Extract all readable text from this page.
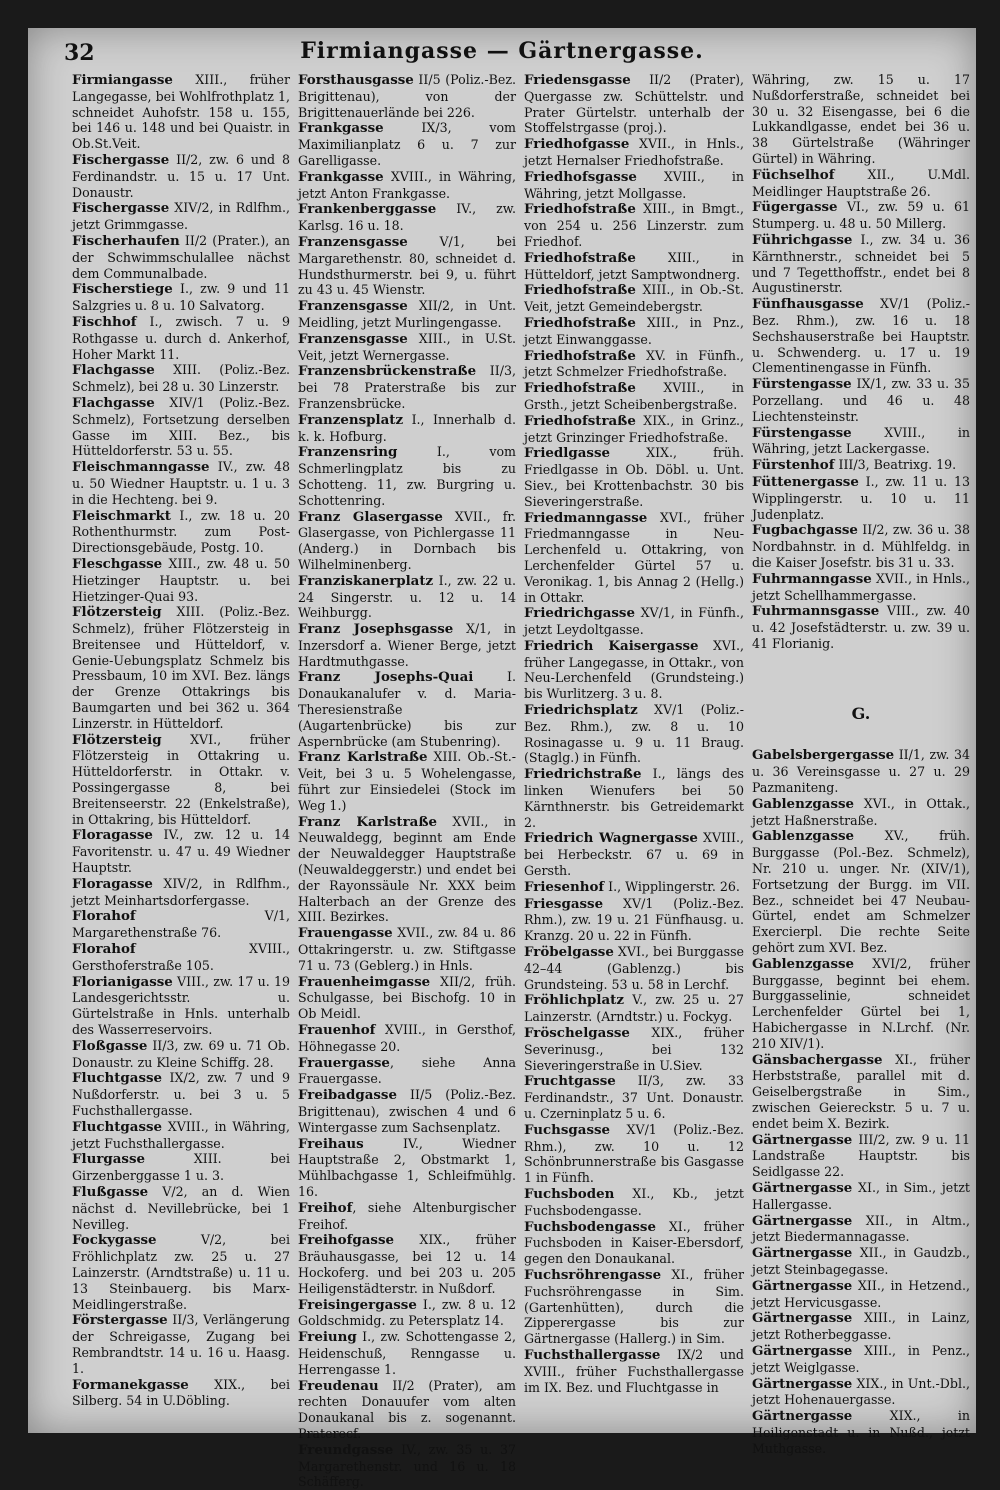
32	Firmiangasse — Gärtnergasse.
Firmiangasse XIII., früher Langegasse, bei Wohlfrothplatz 1, schneidet Auhofstr. 158 u. 155, bei 146 u. 148 und bei Quaistr. in Ob.St.Veit.
Fischergasse II/2, zw. 6 und 8 Ferdinandstr. u. 15 u. 17 Unt. Donaustr.
Fischergasse XIV/2, in Rdlfhm., jetzt Grimmgasse.
Fischerhaufen II/2 (Prater.), an der Schwimmschulallee nächst dem Communalbade.
Fischerstiege I., zw. 9 und 11 Salzgries u. 8 u. 10 Salvatorg.
Fischhof I., zwisch. 7 u. 9 Rothgasse u. durch d. Ankerhof, Hoher Markt 11.
Flachgasse XIII. (Poliz.-Bez. Schmelz), bei 28 u. 30 Linzerstr.
Flachgasse XIV/1 (Poliz.-Bez. Schmelz), Fortsetzung derselben Gasse im XIII. Bez., bis Hütteldorferstr. 53 u. 55.
Fleischmanngasse IV., zw. 48 u. 50 Wiedner Hauptstr. u. 1 u. 3 in die Hechteng. bei 9.
Fleischmarkt I., zw. 18 u. 20 Rothenthurmstr. zum Post-Directionsgebäude, Postg. 10.
Fleschgasse XIII., zw. 48 u. 50 Hietzinger Hauptstr. u. bei Hietzinger-Quai 93.
Flötzersteig XIII. (Poliz.-Bez. Schmelz), früher Flötzersteig in Breitensee und Hütteldorf, v. Genie-Uebungsplatz Schmelz bis Pressbaum, 10 im XVI. Bez. längs der Grenze Ottakrings bis Baumgarten und bei 362 u. 364 Linzerstr. in Hütteldorf.
Flötzersteig XVI., früher Flötzersteig in Ottakring u. Hütteldorferstr. in Ottakr. v. Possingergasse 8, bei Breitenseerstr. 22 (Enkelstraße), in Ottakring, bis Hütteldorf.
Floragasse IV., zw. 12 u. 14 Favoritenstr. u. 47 u. 49 Wiedner Hauptstr.
Floragasse XIV/2, in Rdlfhm., jetzt Meinhartsdorfergasse.
Florahof V/1, Margarethenstraße 76.
Florahof XVIII., Gersthoferstraße 105.
Florianigasse VIII., zw. 17 u. 19 Landesgerichtsstr. u. Gürtelstraße in Hnls. unterhalb des Wasserreservoirs.
Floßgasse II/3, zw. 69 u. 71 Ob. Donaustr. zu Kleine Schiffg. 28.
Fluchtgasse IX/2, zw. 7 und 9 Nußdorferstr. u. bei 3 u. 5 Fuchsthallergasse.
Fluchtgasse XVIII., in Währing, jetzt Fuchsthallergasse.
Flurgasse XIII. bei Girzenberggasse 1 u. 3.
Flußgasse V/2, an d. Wien nächst d. Nevillebrücke, bei 1 Nevilleg.
Fockygasse V/2, bei Fröhlichplatz zw. 25 u. 27 Lainzerstr. (Arndtstraße) u. 11 u. 13 Steinbauerg. bis Marx-Meidlingerstraße.
Förstergasse II/3, Verlängerung der Schreigasse, Zugang bei Rembrandtstr. 14 u. 16 u. Haasg. 1.
Formanekgasse XIX., bei Silberg. 54 in U.Döbling.
Forsthausgasse II/5 (Poliz.-Bez. Brigittenau), von der Brigittenauerlände bei 226.
Frankgasse IX/3, vom Maximilianplatz 6 u. 7 zur Garelligasse.
Frankgasse XVIII., in Währing, jetzt Anton Frankgasse.
Frankenberggasse IV., zw. Karlsg. 16 u. 18.
Franzensgasse V/1, bei Margarethenstr. 80, schneidet d. Hundsthurmerstr. bei 9, u. führt zu 43 u. 45 Wienstr.
Franzensgasse XII/2, in Unt. Meidling, jetzt Murlingengasse.
Franzensgasse XIII., in U.St. Veit, jetzt Wernergasse.
Franzensbrückenstraße II/3, bei 78 Praterstraße bis zur Franzensbrücke.
Franzensplatz I., Innerhalb d. k. k. Hofburg.
Franzensring I., vom Schmerlingplatz bis zu Schotteng. 11, zw. Burgring u. Schottenring.
Franz Glasergasse XVII., fr. Glasergasse, von Pichlergasse 11 (Anderg.) in Dornbach bis Wilhelminenberg.
Franziskanerplatz I., zw. 22 u. 24 Singerstr. u. 12 u. 14 Weihburgg.
Franz Josephsgasse X/1, in Inzersdorf a. Wiener Berge, jetzt Hardtmuthgasse.
Franz Josephs-Quai I. Donaukanalufer v. d. Maria-Theresienstraße (Augartenbrücke) bis zur Aspernbrücke (am Stubenring).
Franz Karlstraße XIII. Ob.-St.-Veit, bei 3 u. 5 Wohelengasse, führt zur Einsiedelei (Stock im Weg 1.)
Franz Karlstraße XVII., in Neuwaldegg, beginnt am Ende der Neuwaldegger Hauptstraße (Neuwaldeggerstr.) und endet bei der Rayonssäule Nr. XXX beim Halterbach an der Grenze des XIII. Bezirkes.
Frauengasse XVII., zw. 84 u. 86 Ottakringerstr. u. zw. Stiftgasse 71 u. 73 (Geblerg.) in Hnls.
Frauenheimgasse XII/2, früh. Schulgasse, bei Bischofg. 10 in Ob Meidl.
Frauenhof XVIII., in Gersthof, Höhnegasse 20.
Frauergasse, siehe Anna Frauergasse.
Freibadgasse II/5 (Poliz.-Bez. Brigittenau), zwischen 4 und 6 Wintergasse zum Sachsenplatz.
Freihaus IV., Wiedner Hauptstraße 2, Obstmarkt 1, Mühlbachgasse 1, Schleifmühlg. 16.
Freihof, siehe Altenburgischer Freihof.
Freihofgasse XIX., früher Bräuhausgasse, bei 12 u. 14 Hockoferg. und bei 203 u. 205 Heiligenstädterstr. in Nußdorf.
Freisingergasse I., zw. 8 u. 12 Goldschmidg. zu Petersplatz 14.
Freiung I., zw. Schottengasse 2, Heidenschuß, Renngasse u. Herrengasse 1.
Freudenau II/2 (Prater), am rechten Donauufer vom alten Donaukanal bis z. sogenannt. Praterecf.
Freundgasse IV., zw. 35 u. 37 Margarethenstr. und 16 u. 18 Schäfferg.
Friedensgasse II/2 (Prater), Quergasse zw. Schüttelstr. und Prater Gürtelstr. unterhalb der Stoffelstrgasse (proj.).
Friedhofgasse XVII., in Hnls., jetzt Hernalser Friedhofstraße.
Friedhofsgasse XVIII., in Währing, jetzt Mollgasse.
Friedhofstraße XIII., in Bmgt., von 254 u. 256 Linzerstr. zum Friedhof.
Friedhofstraße XIII., in Hütteldorf, jetzt Samptwondnerg.
Friedhofstraße XIII., in Ob.-St. Veit, jetzt Gemeindebergstr.
Friedhofstraße XIII., in Pnz., jetzt Einwanggasse.
Friedhofstraße XV. in Fünfh., jetzt Schmelzer Friedhofstraße.
Friedhofstraße XVIII., in Grsth., jetzt Scheibenbergstraße.
Friedhofstraße XIX., in Grinz., jetzt Grinzinger Friedhofstraße.
Friedlgasse XIX., früh. Friedlgasse in Ob. Döbl. u. Unt. Siev., bei Krottenbachstr. 30 bis Sieveringerstraße.
Friedmanngasse XVI., früher Friedmanngasse in Neu-Lerchenfeld u. Ottakring, von Lerchenfelder Gürtel 57 u. Veronikag. 1, bis Annag 2 (Hellg.) in Ottakr.
Friedrichgasse XV/1, in Fünfh., jetzt Leydoltgasse.
Friedrich Kaisergasse XVI., früher Langegasse, in Ottakr., von Neu-Lerchenfeld (Grundsteing.) bis Wurlitzerg. 3 u. 8.
Friedrichsplatz XV/1 (Poliz.-Bez. Rhm.), zw. 8 u. 10 Rosinagasse u. 9 u. 11 Braug. (Staglg.) in Fünfh.
Friedrichstraße I., längs des linken Wienufers bei 50 Kärnthnerstr. bis Getreidemarkt 2.
Friedrich Wagnergasse XVIII., bei Herbeckstr. 67 u. 69 in Gersth.
Friesenhof I., Wipplingerstr. 26.
Friesgasse XV/1 (Poliz.-Bez. Rhm.), zw. 19 u. 21 Fünfhausg. u. Kranzg. 20 u. 22 in Fünfh.
Fröbelgasse XVI., bei Burggasse 42–44 (Gablenzg.) bis Grundsteing. 53 u. 58 in Lerchf.
Fröhlichplatz V., zw. 25 u. 27 Lainzerstr. (Arndtstr.) u. Fockyg.
Fröschelgasse XIX., früher Severinusg., bei 132 Sieveringerstraße in U.Siev.
Fruchtgasse II/3, zw. 33 Ferdinandstr., 37 Unt. Donaustr. u. Czerninplatz 5 u. 6.
Fuchsgasse XV/1 (Poliz.-Bez. Rhm.), zw. 10 u. 12 Schönbrunnerstraße bis Gasgasse 1 in Fünfh.
Fuchsboden XI., Kb., jetzt Fuchsbodengasse.
Fuchsbodengasse XI., früher Fuchsboden in Kaiser-Ebersdorf, gegen den Donaukanal.
Fuchsröhrengasse XI., früher Fuchsröhrengasse in Sim. (Gartenhütten), durch die Zipperergasse bis zur Gärtnergasse (Hallerg.) in Sim.
Fuchsthallergasse IX/2 und XVIII., früher Fuchsthallergasse im IX. Bez. und Fluchtgasse in
Währing, zw. 15 u. 17 Nußdorferstraße, schneidet bei 30 u. 32 Eisengasse, bei 6 die Lukkandlgasse, endet bei 36 u. 38 Gürtelstraße (Währinger Gürtel) in Währing.
Füchselhof XII., U.Mdl. Meidlinger Hauptstraße 26.
Fügergasse VI., zw. 59 u. 61 Stumperg. u. 48 u. 50 Millerg.
Führichgasse I., zw. 34 u. 36 Kärnthnerstr., schneidet bei 5 und 7 Tegetthoffstr., endet bei 8 Augustinerstr.
Fünfhausgasse XV/1 (Poliz.-Bez. Rhm.), zw. 16 u. 18 Sechshauserstraße bei Hauptstr. u. Schwenderg. u. 17 u. 19 Clementinengasse in Fünfh.
Fürstengasse IX/1, zw. 33 u. 35 Porzellang. und 46 u. 48 Liechtensteinstr.
Fürstengasse XVIII., in Währing, jetzt Lackergasse.
Fürstenhof III/3, Beatrixg. 19.
Füttenergasse I., zw. 11 u. 13 Wipplingerstr. u. 10 u. 11 Judenplatz.
Fugbachgasse II/2, zw. 36 u. 38 Nordbahnstr. in d. Mühlfeldg. in die Kaiser Josefstr. bis 31 u. 33.
Fuhrmanngasse XVII., in Hnls., jetzt Schellhammergasse.
Fuhrmannsgasse VIII., zw. 40 u. 42 Josefstädterstr. u. zw. 39 u. 41 Florianig.
G.
Gabelsbergergasse II/1, zw. 34 u. 36 Vereinsgasse u. 27 u. 29 Pazmaniteng.
Gablenzgasse XVI., in Ottak., jetzt Haßnerstraße.
Gablenzgasse XV., früh. Burggasse (Pol.-Bez. Schmelz), Nr. 210 u. unger. Nr. (XIV/1), Fortsetzung der Burgg. im VII. Bez., schneidet bei 47 Neubau-Gürtel, endet am Schmelzer Exercierpl. Die rechte Seite gehört zum XVI. Bez.
Gablenzgasse XVI/2, früher Burggasse, beginnt bei ehem. Burggasselinie, schneidet Lerchenfelder Gürtel bei 1, Habichergasse in N.Lrchf. (Nr. 210 XIV/1).
Gänsbachergasse XI., früher Herbststraße, parallel mit d. Geiselbergstraße in Sim., zwischen Geiereckstr. 5 u. 7 u. endet beim X. Bezirk.
Gärtnergasse III/2, zw. 9 u. 11 Landstraße Hauptstr. bis Seidlgasse 22.
Gärtnergasse XI., in Sim., jetzt Hallergasse.
Gärtnergasse XII., in Altm., jetzt Biedermannagasse.
Gärtnergasse XII., in Gaudzb., jetzt Steinbagegasse.
Gärtnergasse XII., in Hetzend., jetzt Hervicusgasse.
Gärtnergasse XIII., in Lainz, jetzt Rotherbeggasse.
Gärtnergasse XIII., in Penz., jetzt Weiglgasse.
Gärtnergasse XIX., in Unt.-Dbl., jetzt Hohenauergasse.
Gärtnergasse XIX., in Heiligenstadt u. in Nußd., jetzt Muthgasse.
